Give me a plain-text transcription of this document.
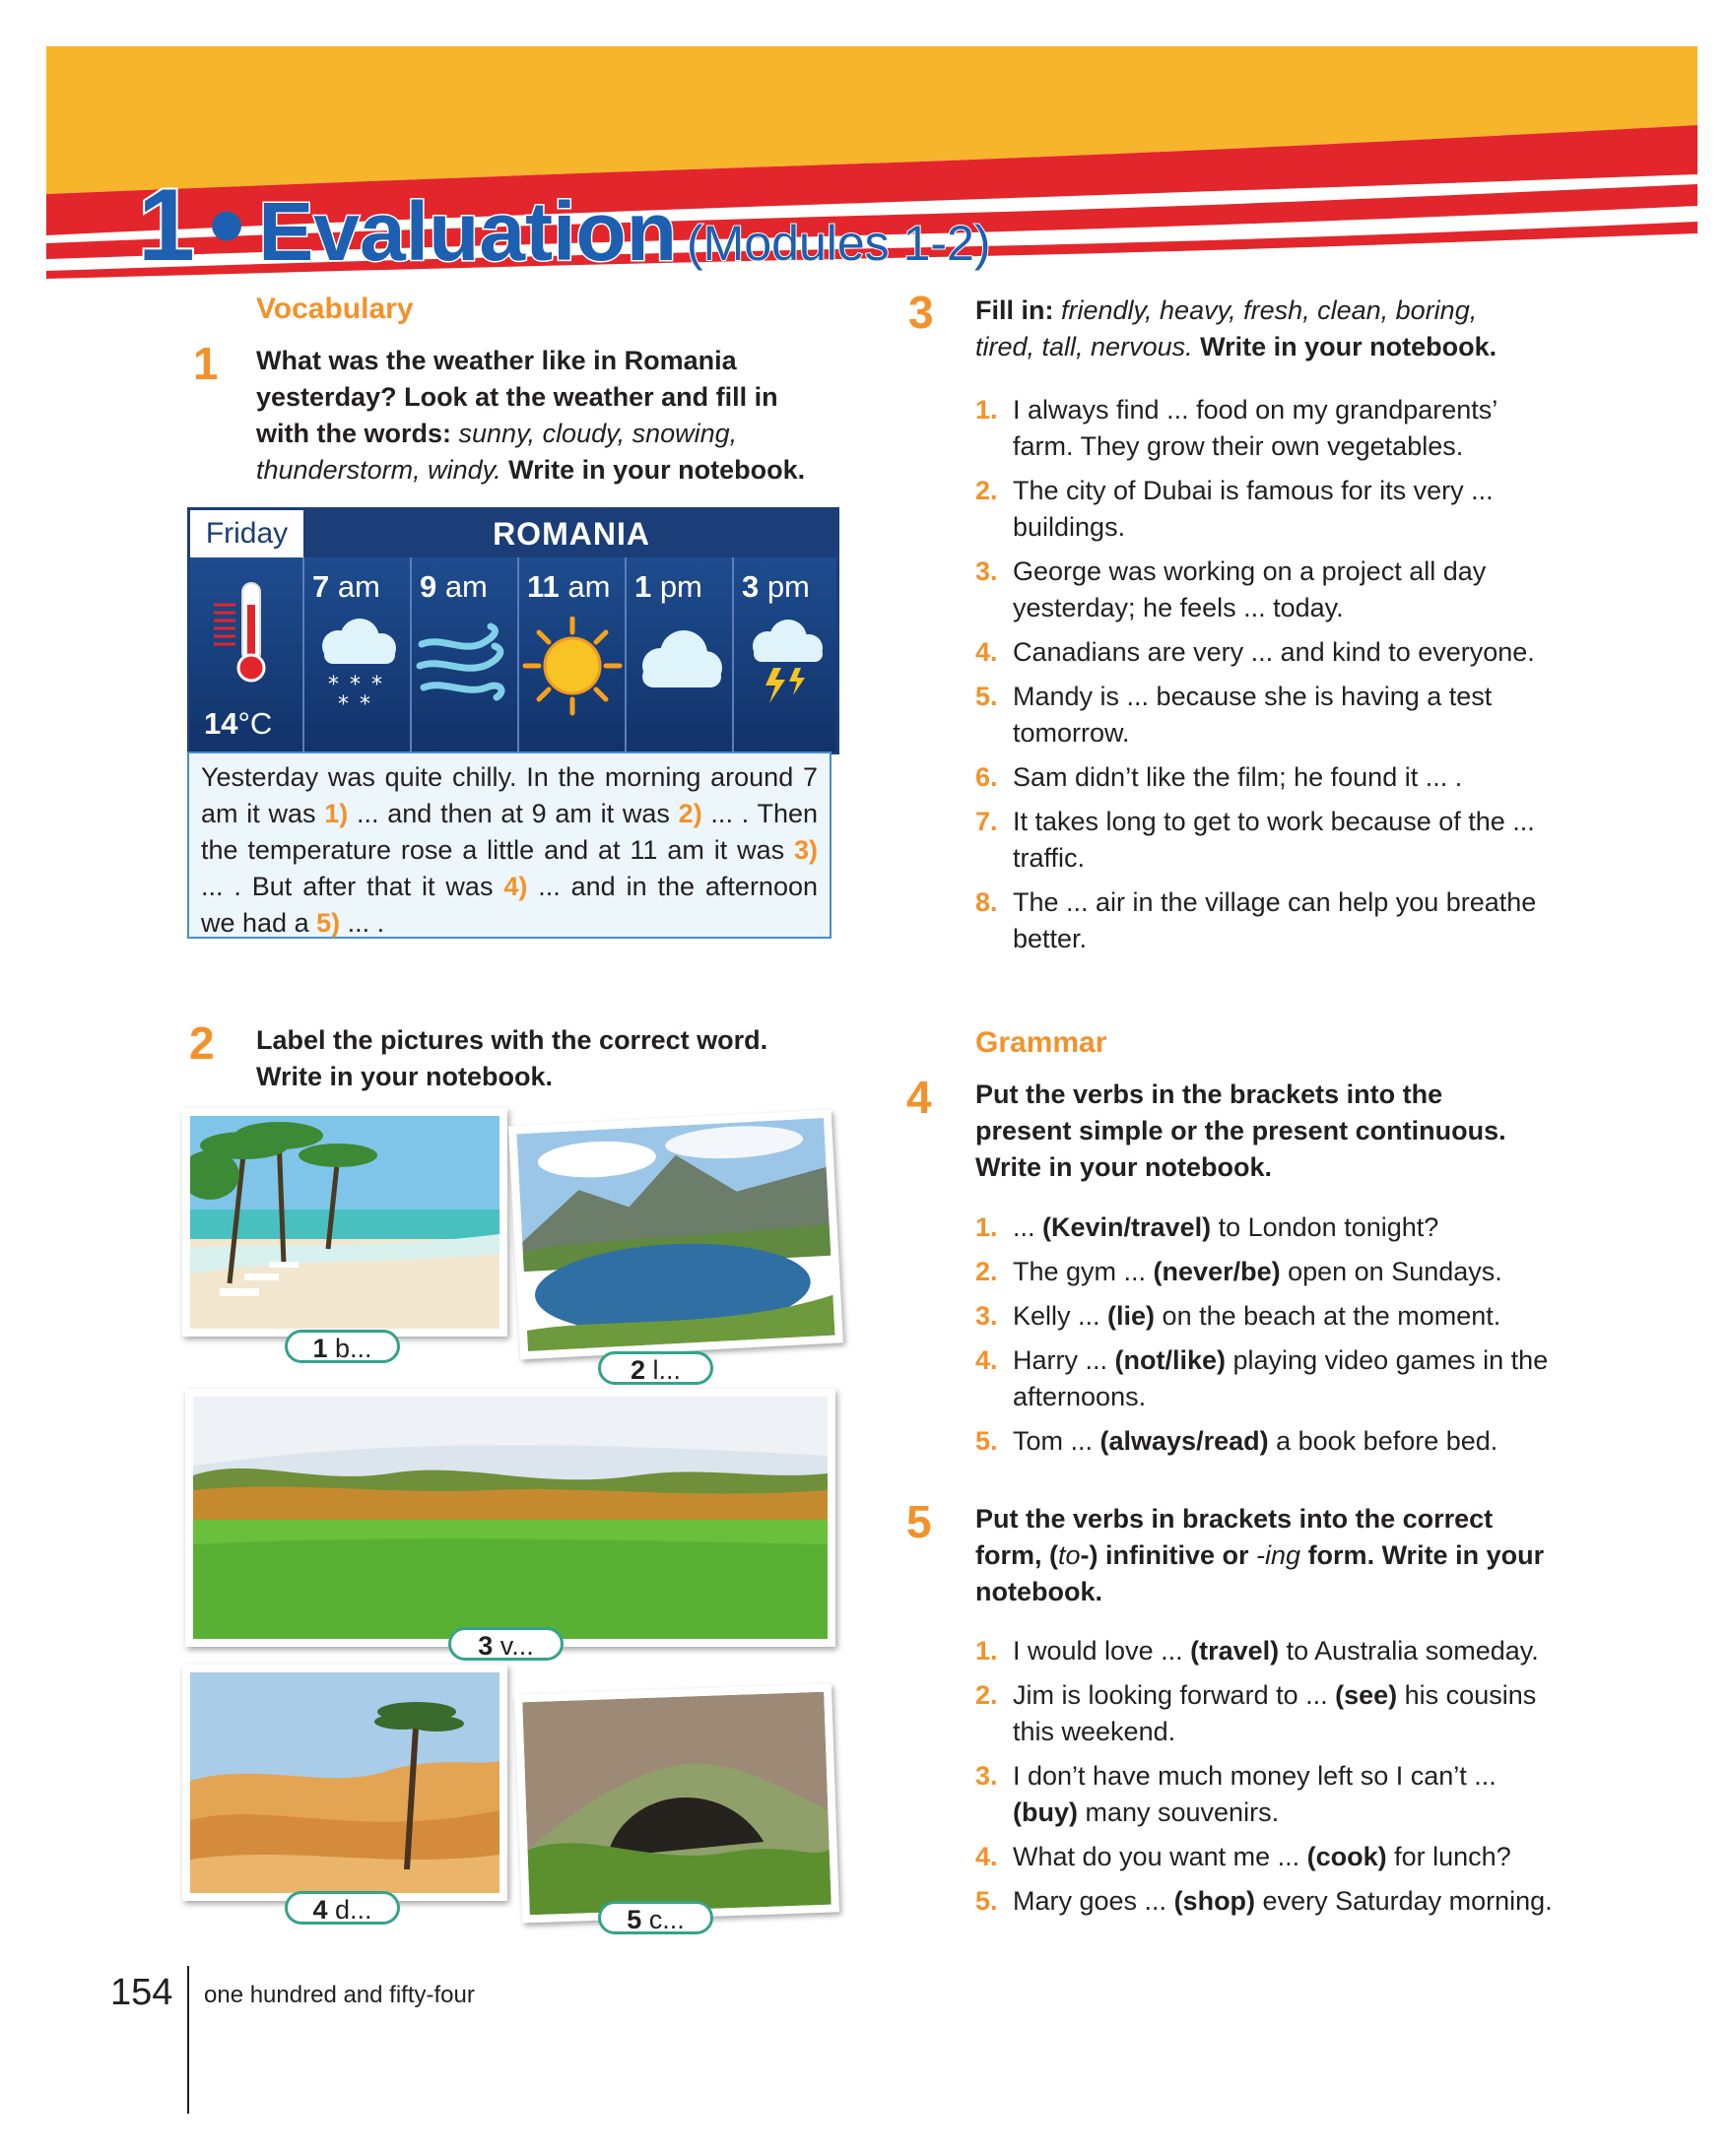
1 • Evaluation (Modules 1-2)
Vocabulary
1 What was the weather like in Romania
yesterday? Look at the weather and fill in
with the words: sunny, cloudy, snowing,
thunderstorm, windy. Write in your notebook.
Friday	ROMANIA
14°C
7 am
* * *
* *
9 am 11 am 1 pm 3 pm
Yesterday was quite chilly. In the morning around 7 am it was 1) ... and then at 9 am it was 2) ... . Then the temperature rose a little and at 11 am it was 3) ... . But after that it was 4) ... and in the afternoon we had a 5) ... .
2 Label the pictures with the correct word.
Write in your notebook.
1 b...
2 l...
3 v...
4 d...	5 c...
3 Fill in: friendly, heavy, fresh, clean, boring,
tired, tall, nervous. Write in your notebook.
1. I always find ... food on my grandparents’ farm. They grow their own vegetables.
2. The city of Dubai is famous for its very ... buildings.
3. George was working on a project all day yesterday; he feels ... today.
4. Canadians are very ... and kind to everyone.
5. Mandy is ... because she is having a test tomorrow.
6. Sam didn’t like the film; he found it ... .
7. It takes long to get to work because of the ... traffic.
8. The ... air in the village can help you breathe better.
Grammar
4 Put the verbs in the brackets into the
present simple or the present continuous.
Write in your notebook.
1. ... (Kevin/travel) to London tonight?
2. The gym ... (never/be) open on Sundays.
3. Kelly ... (lie) on the beach at the moment.
4. Harry ... (not/like) playing video games in the afternoons.
5. Tom ... (always/read) a book before bed.
5 Put the verbs in brackets into the correct form, (to-) infinitive or -ing form. Write in your notebook.
1. I would love ... (travel) to Australia someday.
2. Jim is looking forward to ... (see) his cousins this weekend.
3. I don’t have much money left so I can’t ... (buy) many souvenirs.
4. What do you want me ... (cook) for lunch?
5. Mary goes ... (shop) every Saturday morning.
154 one hundred and fifty-four
